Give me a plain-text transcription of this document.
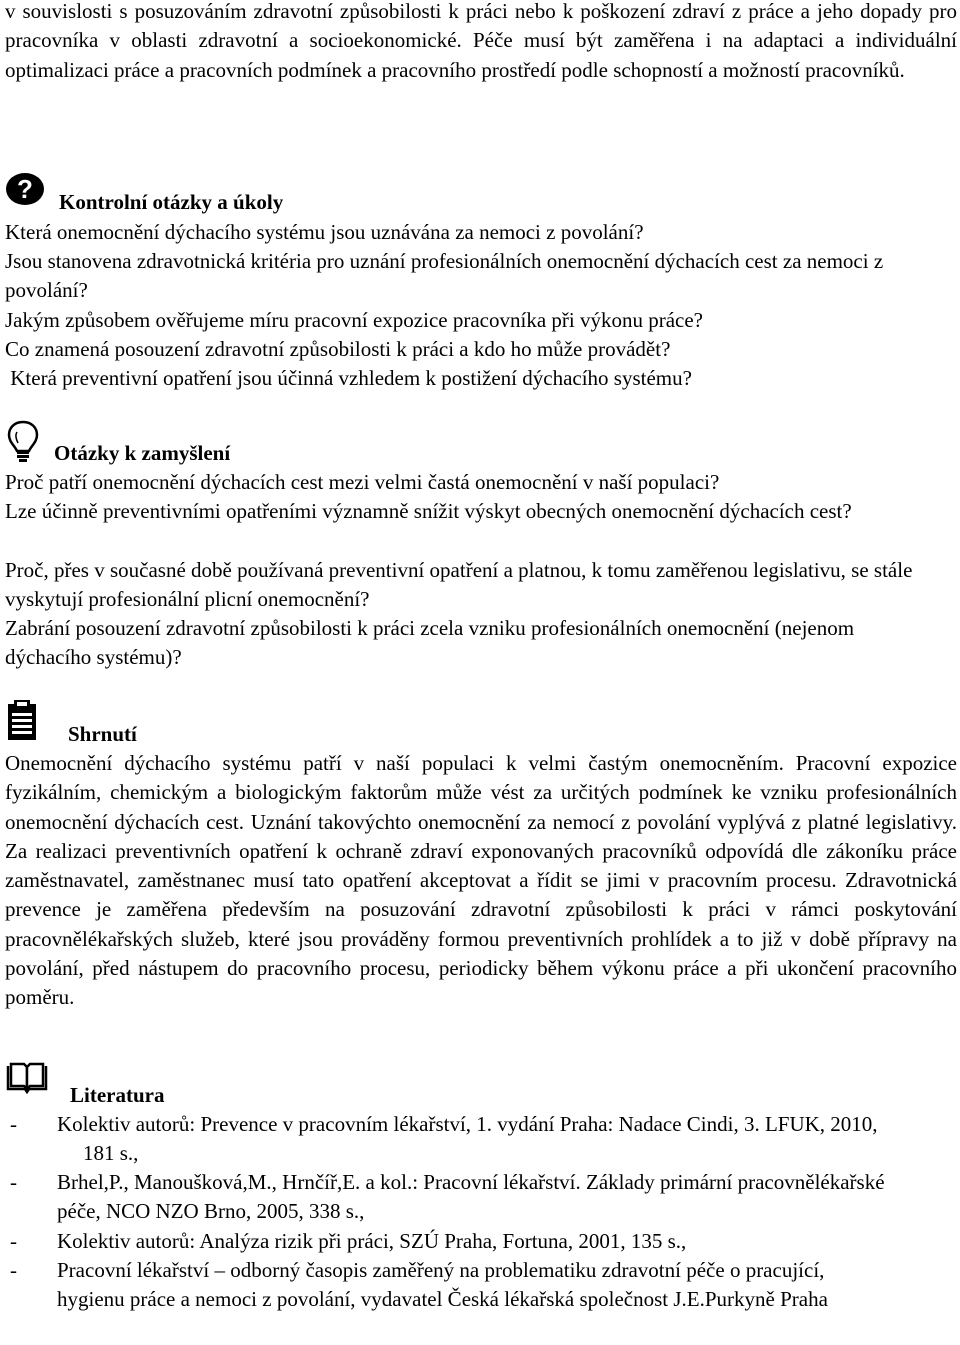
v souvislosti s posuzováním zdravotní způsobilosti k práci nebo k poškození zdraví z práce a jeho dopady pro pracovníka v oblasti zdravotní a socioekonomické. Péče musí být zaměřena i na adaptaci a individuální optimalizaci práce a pracovních podmínek a pracovního prostředí podle schopností a možností pracovníků.

? Kontrolní otázky a úkoly
Která onemocnění dýchacího systému jsou uznávána za nemoci z povolání?
Jsou stanovena zdravotnická kritéria pro uznání profesionálních onemocnění dýchacích cest za nemoci z povolání?
Jakým způsobem ověřujeme míru pracovní expozice pracovníka při výkonu práce?
Co znamená posouzení zdravotní způsobilosti k práci a kdo ho může provádět?
Která preventivní opatření jsou účinná vzhledem k postižení dýchacího systému?
Otázky k zamyšlení
Proč patří onemocnění dýchacích cest mezi velmi častá onemocnění v naší populaci?
Lze účinně preventivními opatřeními významně snížit výskyt obecných onemocnění dýchacích cest?
Proč, přes v současné době používaná preventivní opatření a platnou, k tomu zaměřenou legislativu, se stále vyskytují profesionální plicní onemocnění?
Zabrání posouzení zdravotní způsobilosti k práci zcela vzniku profesionálních onemocnění (nejenom dýchacího systému)?
Shrnutí

Onemocnění dýchacího systému patří v naší populaci k velmi častým onemocněním. Pracovní expozice fyzikálním, chemickým a biologickým faktorům může vést za určitých podmínek ke vzniku profesionálních onemocnění dýchacích cest. Uznání takovýchto onemocnění za nemocí z povolání vyplývá z platné legislativy. Za realizaci preventivních opatření k ochraně zdraví exponovaných pracovníků odpovídá dle zákoníku práce zaměstnavatel, zaměstnanec musí tato opatření akceptovat a řídit se jimi v pracovním procesu. Zdravotnická prevence je zaměřena především na posuzování zdravotní způsobilosti k práci v rámci poskytování pracovnělékařských služeb, které jsou prováděny formou preventivních prohlídek a to již v době přípravy na povolání, před nástupem do pracovního procesu, periodicky během výkonu práce a při ukončení pracovního poměru.

Literatura
- Kolektiv autorů: Prevence v pracovním lékařství, 1. vydání Praha: Nadace Cindi, 3. LFUK, 2010, 181 s.,
- Brhel,P., Manoušková,M., Hrnčíř,E. a kol.: Pracovní lékařství. Základy primární pracovnělékařské péče, NCO NZO Brno, 2005, 338 s.,
- Kolektiv autorů: Analýza rizik při práci, SZÚ Praha, Fortuna, 2001, 135 s.,
- Pracovní lékařství – odborný časopis zaměřený na problematiku zdravotní péče o pracující, hygienu práce a nemoci z povolání, vydavatel Česká lékařská společnost J.E.Purkyně Praha
